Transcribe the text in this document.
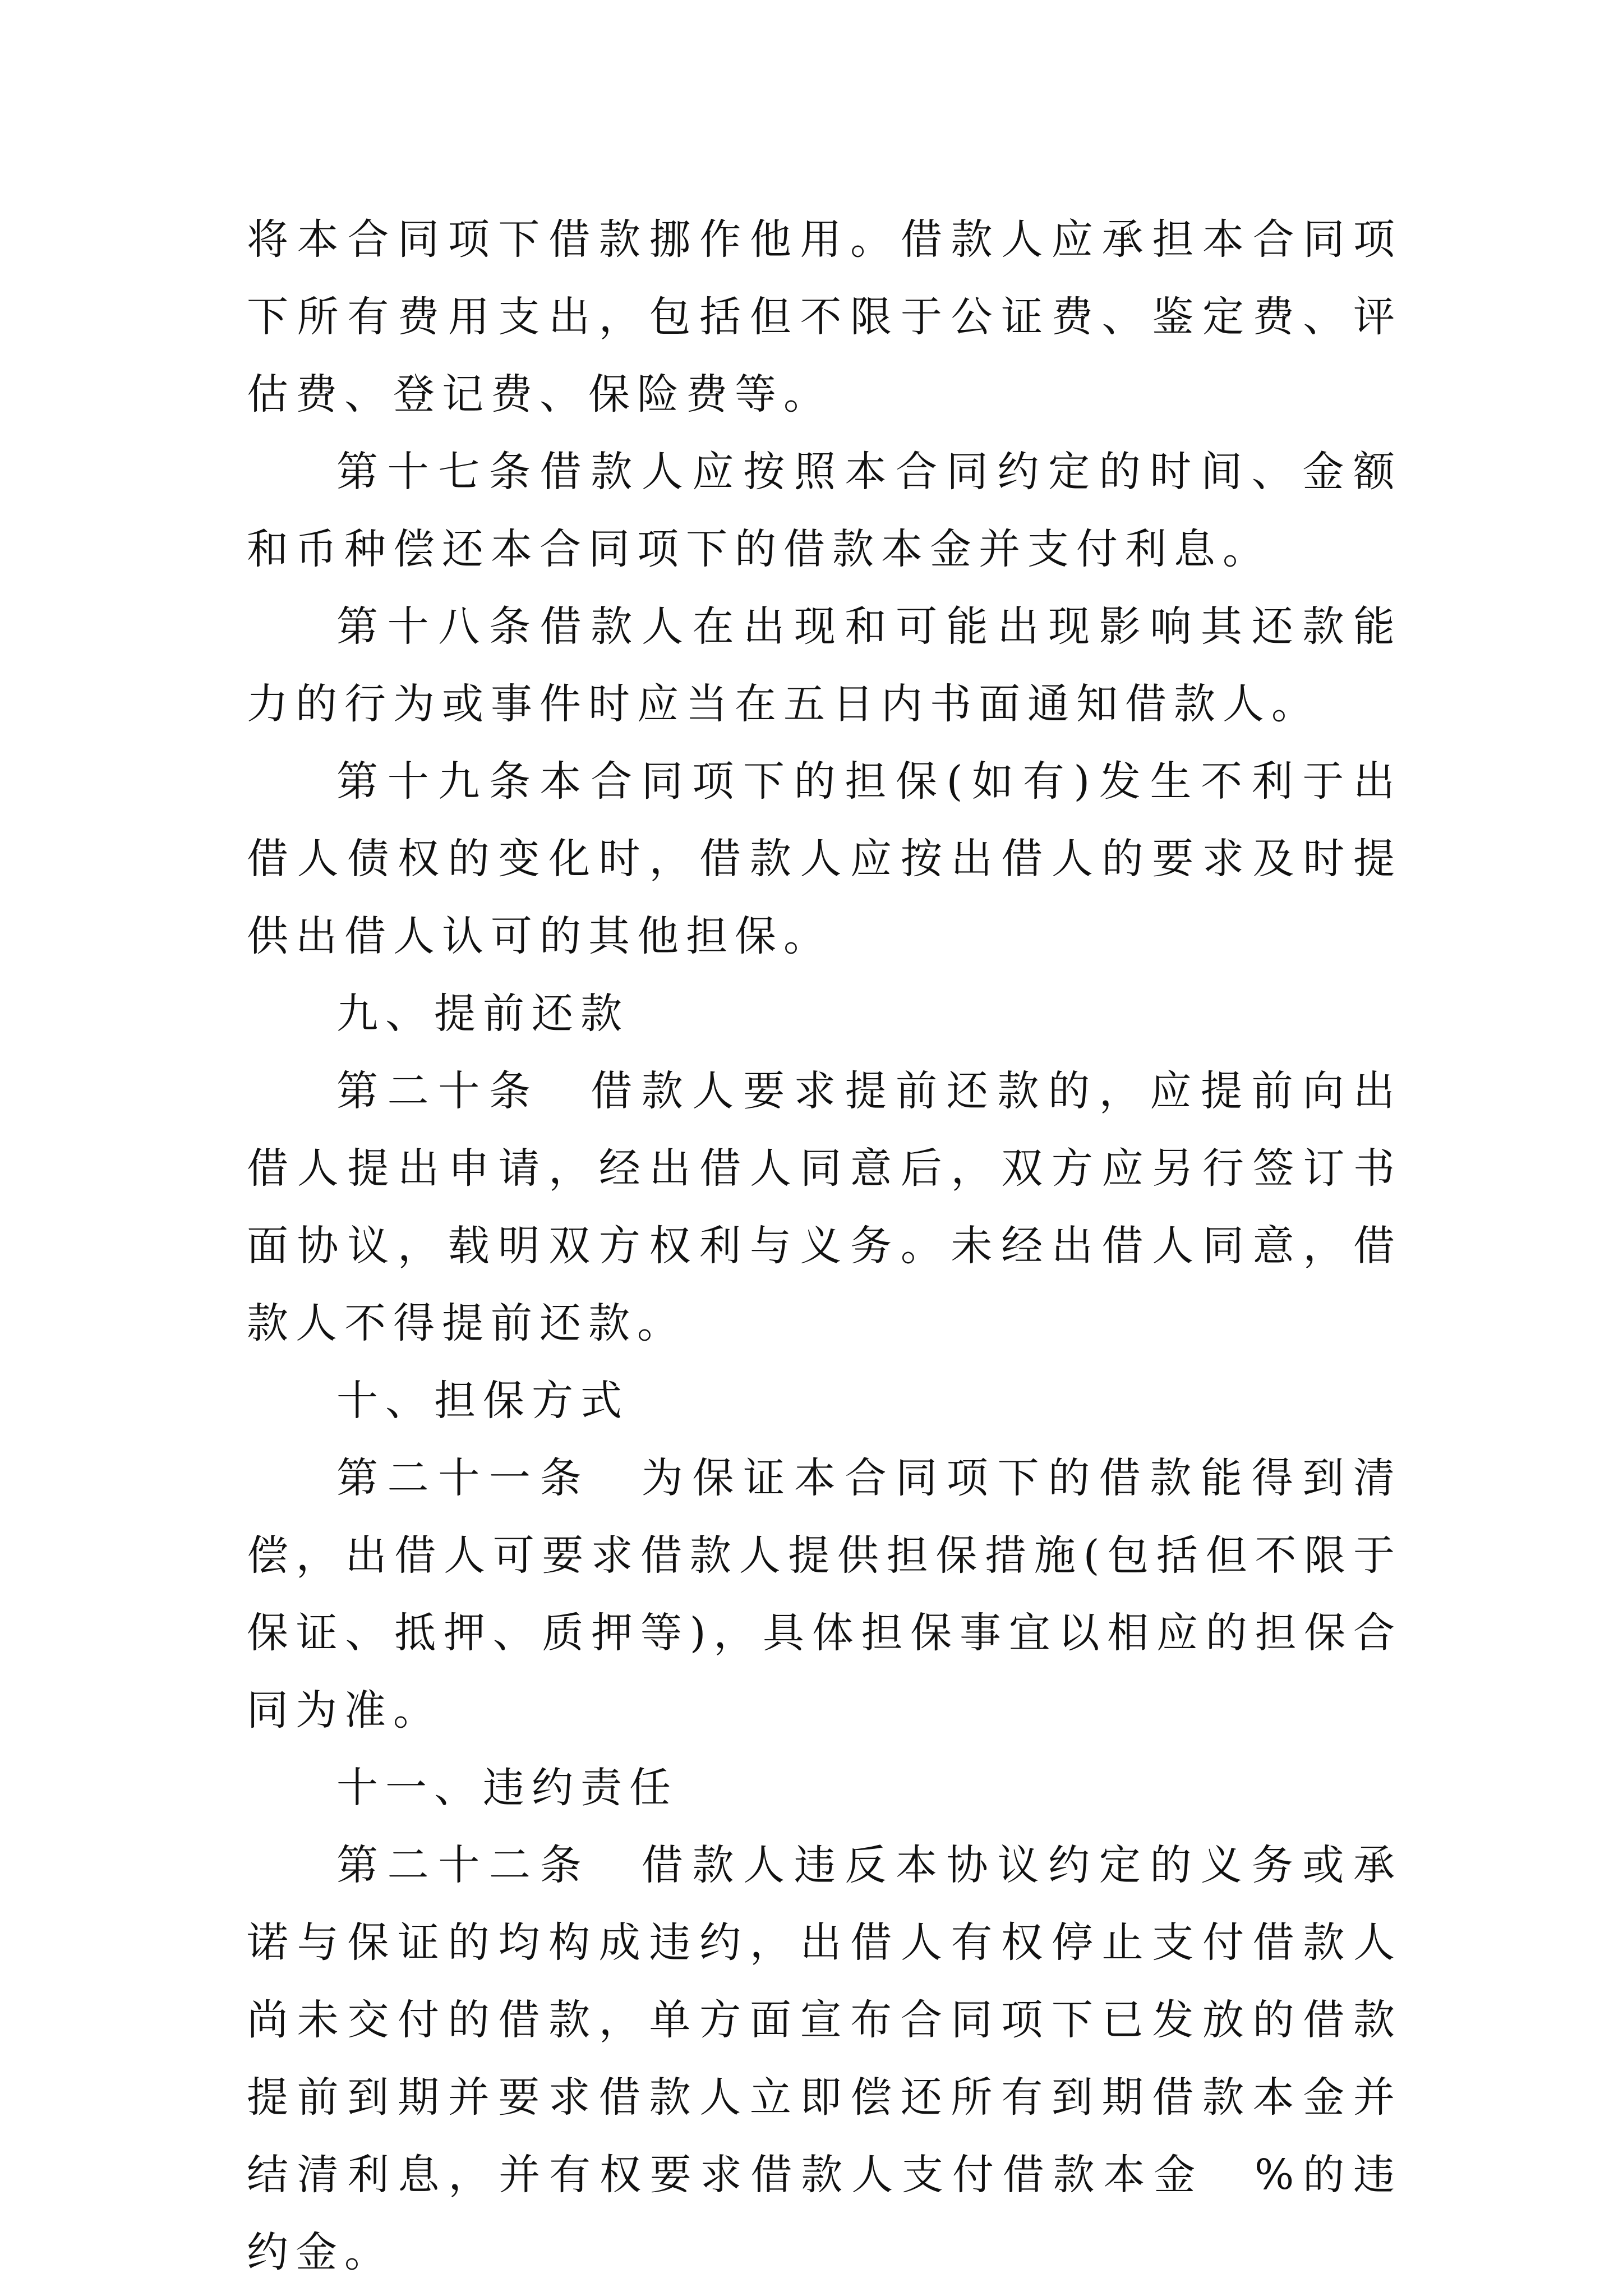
将本合同项下借款挪作他用。借款人应承担本合同项下所有费用支出，包括但不限于公证费、鉴定费、评估费、登记费、保险费等。

第十七条借款人应按照本合同约定的时间、金额和币种偿还本合同项下的借款本金并支付利息。

第十八条借款人在出现和可能出现影响其还款能力的行为或事件时应当在五日内书面通知借款人。

第十九条本合同项下的担保(如有)发生不利于出借人债权的变化时，借款人应按出借人的要求及时提供出借人认可的其他担保。

九、提前还款

第二十条　借款人要求提前还款的，应提前向出借人提出申请，经出借人同意后，双方应另行签订书面协议，载明双方权利与义务。未经出借人同意，借款人不得提前还款。

十、担保方式

第二十一条　为保证本合同项下的借款能得到清偿，出借人可要求借款人提供担保措施(包括但不限于保证、抵押、质押等)，具体担保事宜以相应的担保合同为准。

十一、违约责任

第二十二条　借款人违反本协议约定的义务或承诺与保证的均构成违约，出借人有权停止支付借款人尚未交付的借款，单方面宣布合同项下已发放的借款提前到期并要求借款人立即偿还所有到期借款本金并结清利息，并有权要求借款人支付借款本金　%的违约金。
